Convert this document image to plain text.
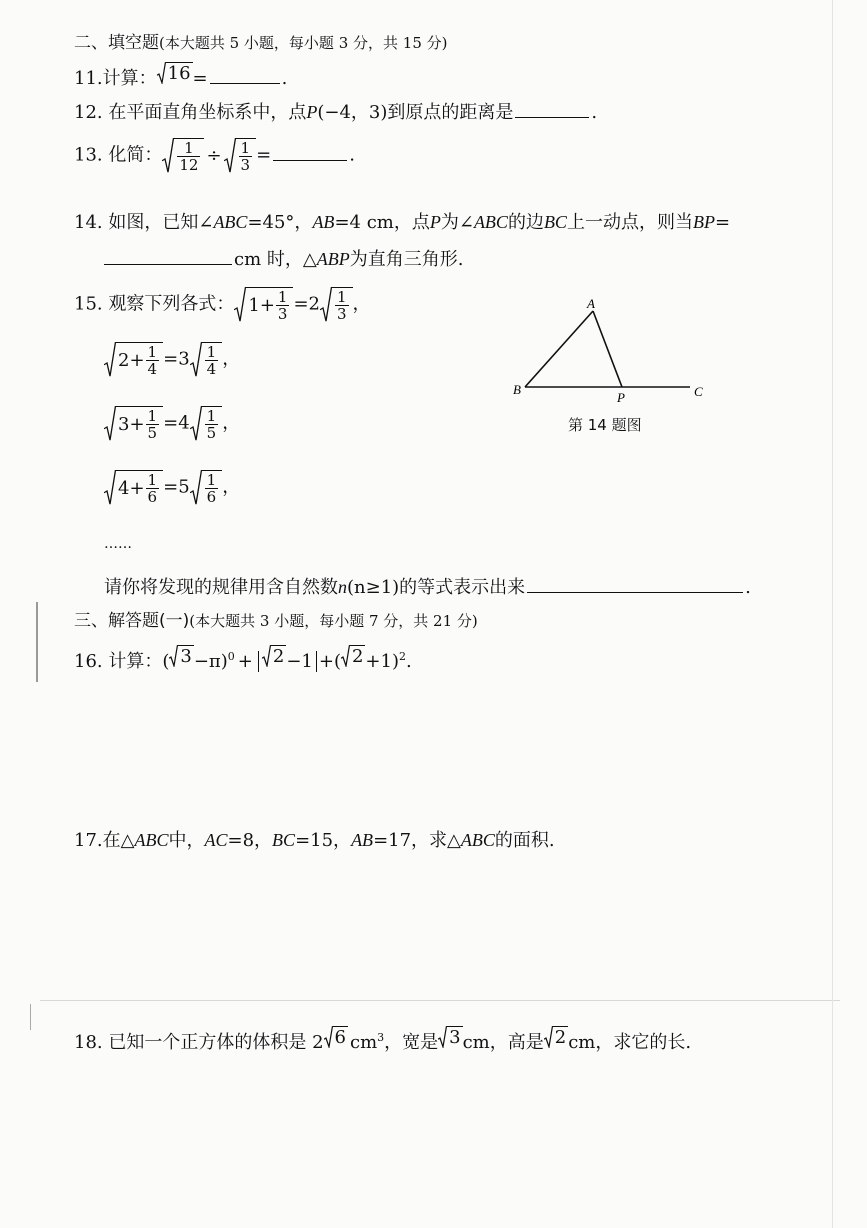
二、填空题(本大题共 5 小题，每小题 3 分，共 15 分)
11.计算： 16 =	.
12. 在平面直角坐标系中，点P(−4，3)到原点的距离是	.
13. 化简： $\frac{1}{12} \div \frac{1}{3}$ =	.
14. 如图，已知∠ABC=45°，AB=4 cm，点P为∠ABC的边BC上一动点，则当BP=
cm 时，△ABP为直角三角形.
15. 观察下列各式： $1 + \frac{1}{3} =2 \frac{1}{3}$ ，
$2 + \frac{1}{4} =3 \frac{1}{4}$ ，
$3 + \frac{1}{5} =4 \frac{1}{5}$ ，
$4 + \frac{1}{6} =5 \frac{1}{6}$ ，
……
请你将发现的规律用含自然数n(n≥1)的等式表示出来	.
A
B
P	C
第 14 题图
三、解答题(一)(本大题共 3 小题，每小题 7 分，共 21 分)
16. 计算：( 3 −π)$^0$ + 2 −1 +( 2 +1)$^2$.
17.在△ABC中，AC=8，BC=15，AB=17，求△ABC的面积.
18. 已知一个正方体的体积是 2 6 $cm^3$，宽是 3 cm，高是 2 cm，求它的长.
